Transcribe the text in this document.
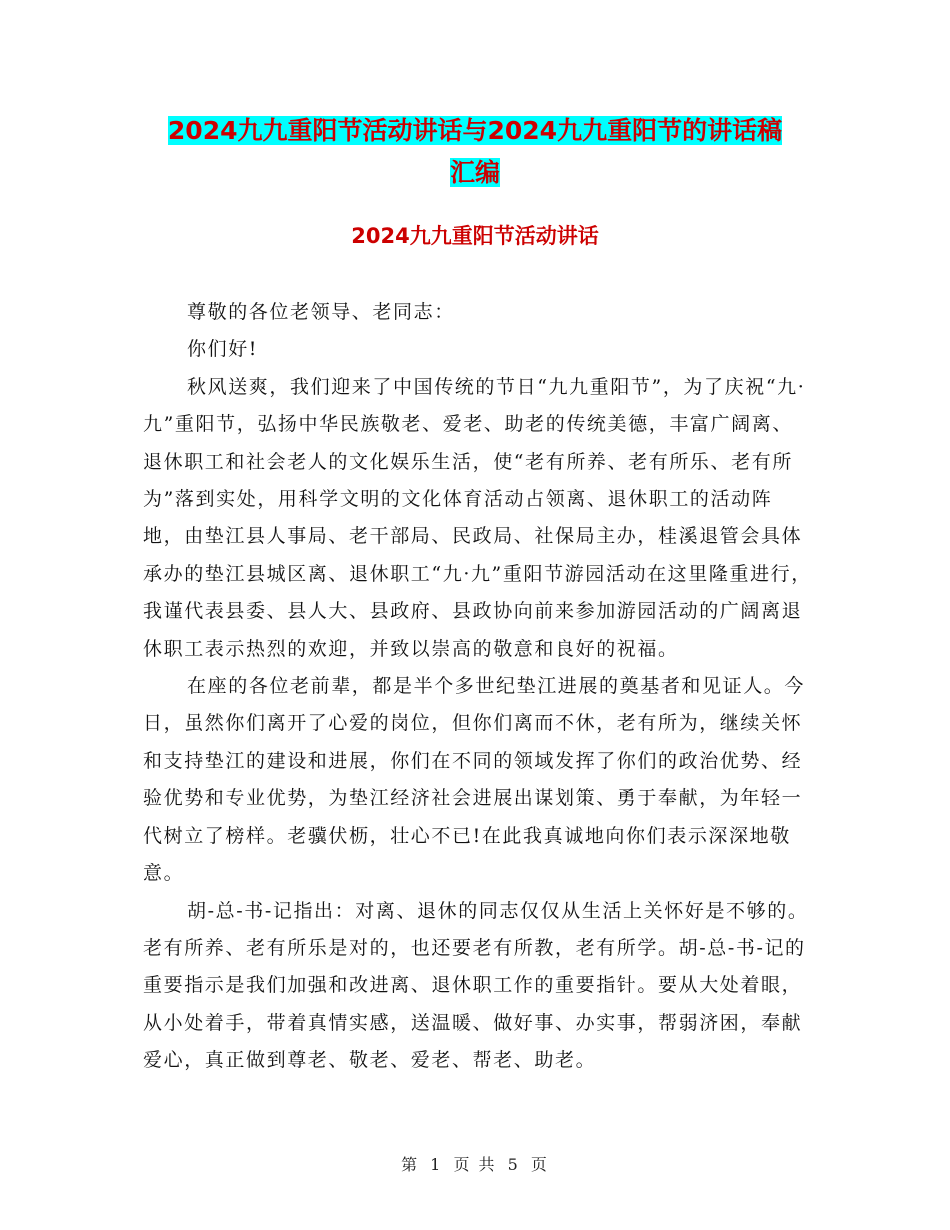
2024九九重阳节活动讲话与2024九九重阳节的讲话稿
汇编
2024九九重阳节活动讲话

尊敬的各位老领导、老同志：

你们好!

秋风送爽，我们迎来了中国传统的节日“九九重阳节”，为了庆祝“九·九”重阳节，弘扬中华民族敬老、爱老、助老的传统美德，丰富广阔离、退休职工和社会老人的文化娱乐生活，使“老有所养、老有所乐、老有所为”落到实处，用科学文明的文化体育活动占领离、退休职工的活动阵地，由垫江县人事局、老干部局、民政局、社保局主办，桂溪退管会具体承办的垫江县城区离、退休职工“九·九”重阳节游园活动在这里隆重进行，我谨代表县委、县人大、县政府、县政协向前来参加游园活动的广阔离退休职工表示热烈的欢迎，并致以崇高的敬意和良好的祝福。

在座的各位老前辈，都是半个多世纪垫江进展的奠基者和见证人。今日，虽然你们离开了心爱的岗位，但你们离而不休，老有所为，继续关怀和支持垫江的建设和进展，你们在不同的领域发挥了你们的政治优势、经验优势和专业优势，为垫江经济社会进展出谋划策、勇于奉献，为年轻一代树立了榜样。老骥伏枥，壮心不已!在此我真诚地向你们表示深深地敬意。

胡-总-书-记指出：对离、退休的同志仅仅从生活上关怀好是不够的。老有所养、老有所乐是对的，也还要老有所教，老有所学。胡-总-书-记的重要指示是我们加强和改进离、退休职工作的重要指针。要从大处着眼，从小处着手，带着真情实感，送温暖、做好事、办实事，帮弱济困，奉献爱心，真正做到尊老、敬老、爱老、帮老、助老。

第 1 页 共 5 页
